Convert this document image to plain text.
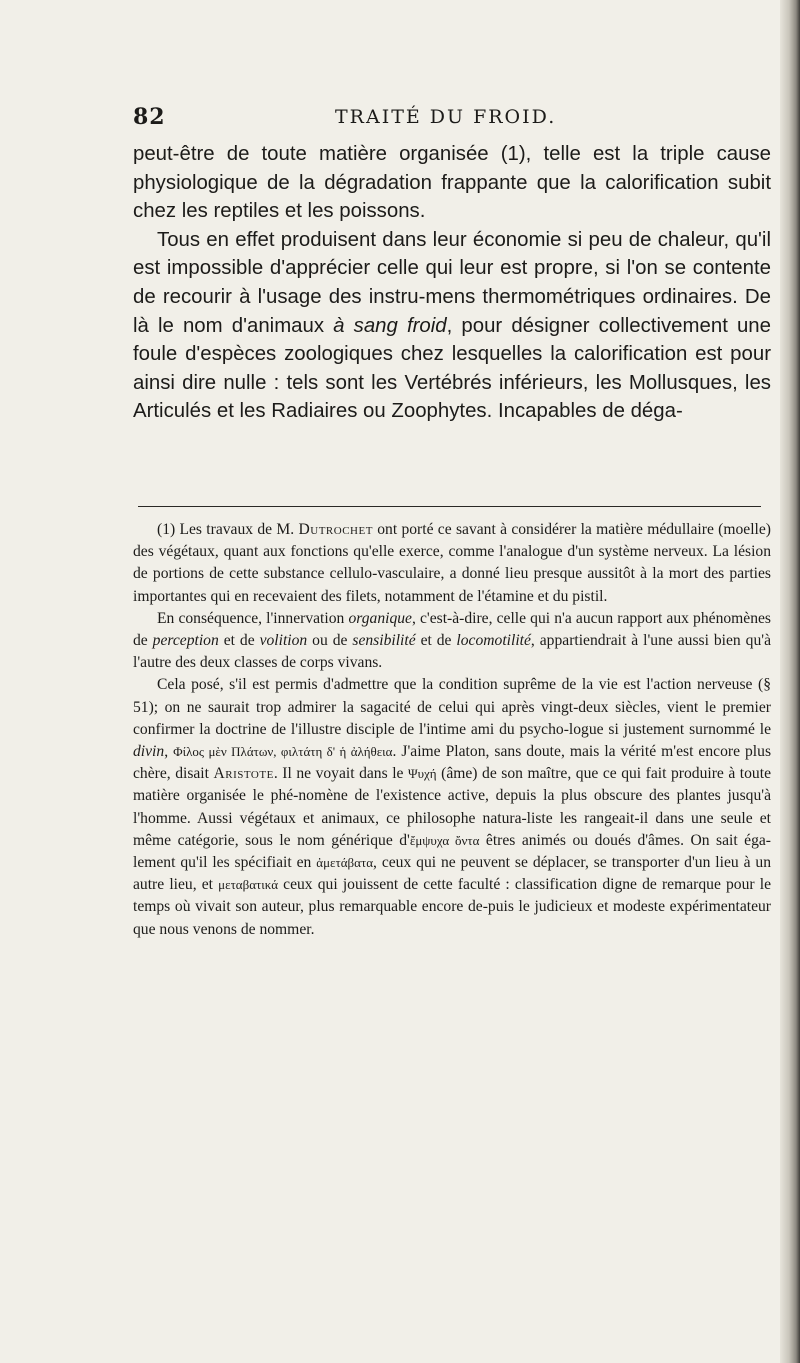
82	TRAITÉ DU FROID.

peut-être de toute matière organisée (1), telle est la triple cause physiologique de la dégradation frappante que la calorification subit chez les reptiles et les poissons.

Tous en effet produisent dans leur économie si peu de chaleur, qu'il est impossible d'apprécier celle qui leur est propre, si l'on se contente de recourir à l'usage des instru-mens thermométriques ordinaires. De là le nom d'animaux à sang froid, pour désigner collectivement une foule d'espèces zoologiques chez lesquelles la calorification est pour ainsi dire nulle : tels sont les Vertébrés inférieurs, les Mollusques, les Articulés et les Radiaires ou Zoophytes. Incapables de déga-

(1) Les travaux de M. Dutrochet ont porté ce savant à considérer la matière médullaire (moelle) des végétaux, quant aux fonctions qu'elle exerce, comme l'analogue d'un système nerveux. La lésion de portions de cette substance cellulo-vasculaire, a donné lieu presque aussitôt à la mort des parties importantes qui en recevaient des filets, notamment de l'étamine et du pistil.

En conséquence, l'innervation organique, c'est-à-dire, celle qui n'a aucun rapport aux phénomènes de perception et de volition ou de sensibilité et de locomotilité, appartiendrait à l'une aussi bien qu'à l'autre des deux classes de corps vivans.

Cela posé, s'il est permis d'admettre que la condition suprême de la vie est l'action nerveuse (§ 51); on ne saurait trop admirer la sagacité de celui qui après vingt-deux siècles, vient le premier confirmer la doctrine de l'illustre disciple de l'intime ami du psycho-logue si justement surnommé le divin, Φίλος μὲν Πλάτων, φιλτάτη δ' ἡ ἀλήθεια. J'aime Platon, sans doute, mais la vérité m'est encore plus chère, disait Aristote. Il ne voyait dans le Ψυχή (âme) de son maître, que ce qui fait produire à toute matière organisée le phé-nomène de l'existence active, depuis la plus obscure des plantes jusqu'à l'homme. Aussi végétaux et animaux, ce philosophe natura-liste les rangeait-il dans une seule et même catégorie, sous le nom générique d'ἔμψυχα ὄντα êtres animés ou doués d'âmes. On sait éga-lement qu'il les spécifiait en ἀμετάβατα, ceux qui ne peuvent se déplacer, se transporter d'un lieu à un autre lieu, et μεταβατικά ceux qui jouissent de cette faculté : classification digne de remarque pour le temps où vivait son auteur, plus remarquable encore de-puis le judicieux et modeste expérimentateur que nous venons de nommer.
